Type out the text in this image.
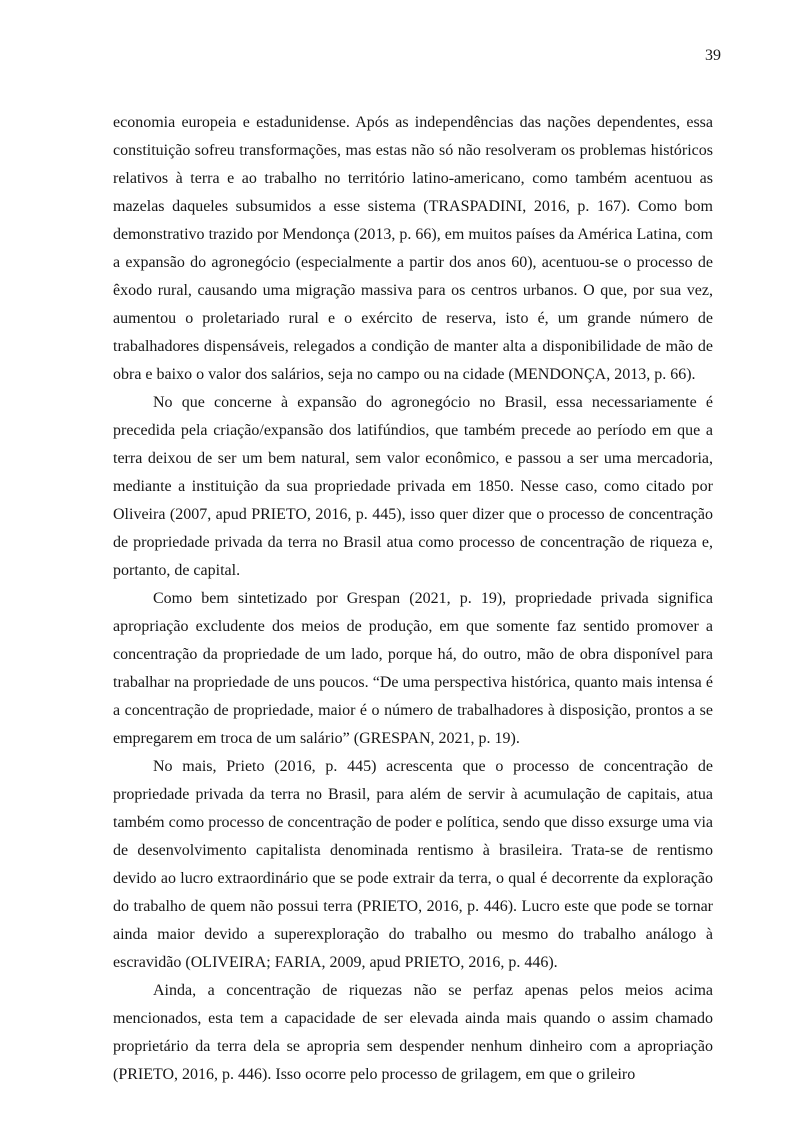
39

economia europeia e estadunidense. Após as independências das nações dependentes, essa constituição sofreu transformações, mas estas não só não resolveram os problemas históricos relativos à terra e ao trabalho no território latino-americano, como também acentuou as mazelas daqueles subsumidos a esse sistema (TRASPADINI, 2016, p. 167). Como bom demonstrativo trazido por Mendonça (2013, p. 66), em muitos países da América Latina, com a expansão do agronegócio (especialmente a partir dos anos 60), acentuou-se o processo de êxodo rural, causando uma migração massiva para os centros urbanos. O que, por sua vez, aumentou o proletariado rural e o exército de reserva, isto é, um grande número de trabalhadores dispensáveis, relegados a condição de manter alta a disponibilidade de mão de obra e baixo o valor dos salários, seja no campo ou na cidade (MENDONÇA, 2013, p. 66).

No que concerne à expansão do agronegócio no Brasil, essa necessariamente é precedida pela criação/expansão dos latifúndios, que também precede ao período em que a terra deixou de ser um bem natural, sem valor econômico, e passou a ser uma mercadoria, mediante a instituição da sua propriedade privada em 1850. Nesse caso, como citado por Oliveira (2007, apud PRIETO, 2016, p. 445), isso quer dizer que o processo de concentração de propriedade privada da terra no Brasil atua como processo de concentração de riqueza e, portanto, de capital.

Como bem sintetizado por Grespan (2021, p. 19), propriedade privada significa apropriação excludente dos meios de produção, em que somente faz sentido promover a concentração da propriedade de um lado, porque há, do outro, mão de obra disponível para trabalhar na propriedade de uns poucos. “De uma perspectiva histórica, quanto mais intensa é a concentração de propriedade, maior é o número de trabalhadores à disposição, prontos a se empregarem em troca de um salário” (GRESPAN, 2021, p. 19).

No mais, Prieto (2016, p. 445) acrescenta que o processo de concentração de propriedade privada da terra no Brasil, para além de servir à acumulação de capitais, atua também como processo de concentração de poder e política, sendo que disso exsurge uma via de desenvolvimento capitalista denominada rentismo à brasileira. Trata-se de rentismo devido ao lucro extraordinário que se pode extrair da terra, o qual é decorrente da exploração do trabalho de quem não possui terra (PRIETO, 2016, p. 446). Lucro este que pode se tornar ainda maior devido a superexploração do trabalho ou mesmo do trabalho análogo à escravidão (OLIVEIRA; FARIA, 2009, apud PRIETO, 2016, p. 446).

Ainda, a concentração de riquezas não se perfaz apenas pelos meios acima mencionados, esta tem a capacidade de ser elevada ainda mais quando o assim chamado proprietário da terra dela se apropria sem despender nenhum dinheiro com a apropriação (PRIETO, 2016, p. 446). Isso ocorre pelo processo de grilagem, em que o grileiro
